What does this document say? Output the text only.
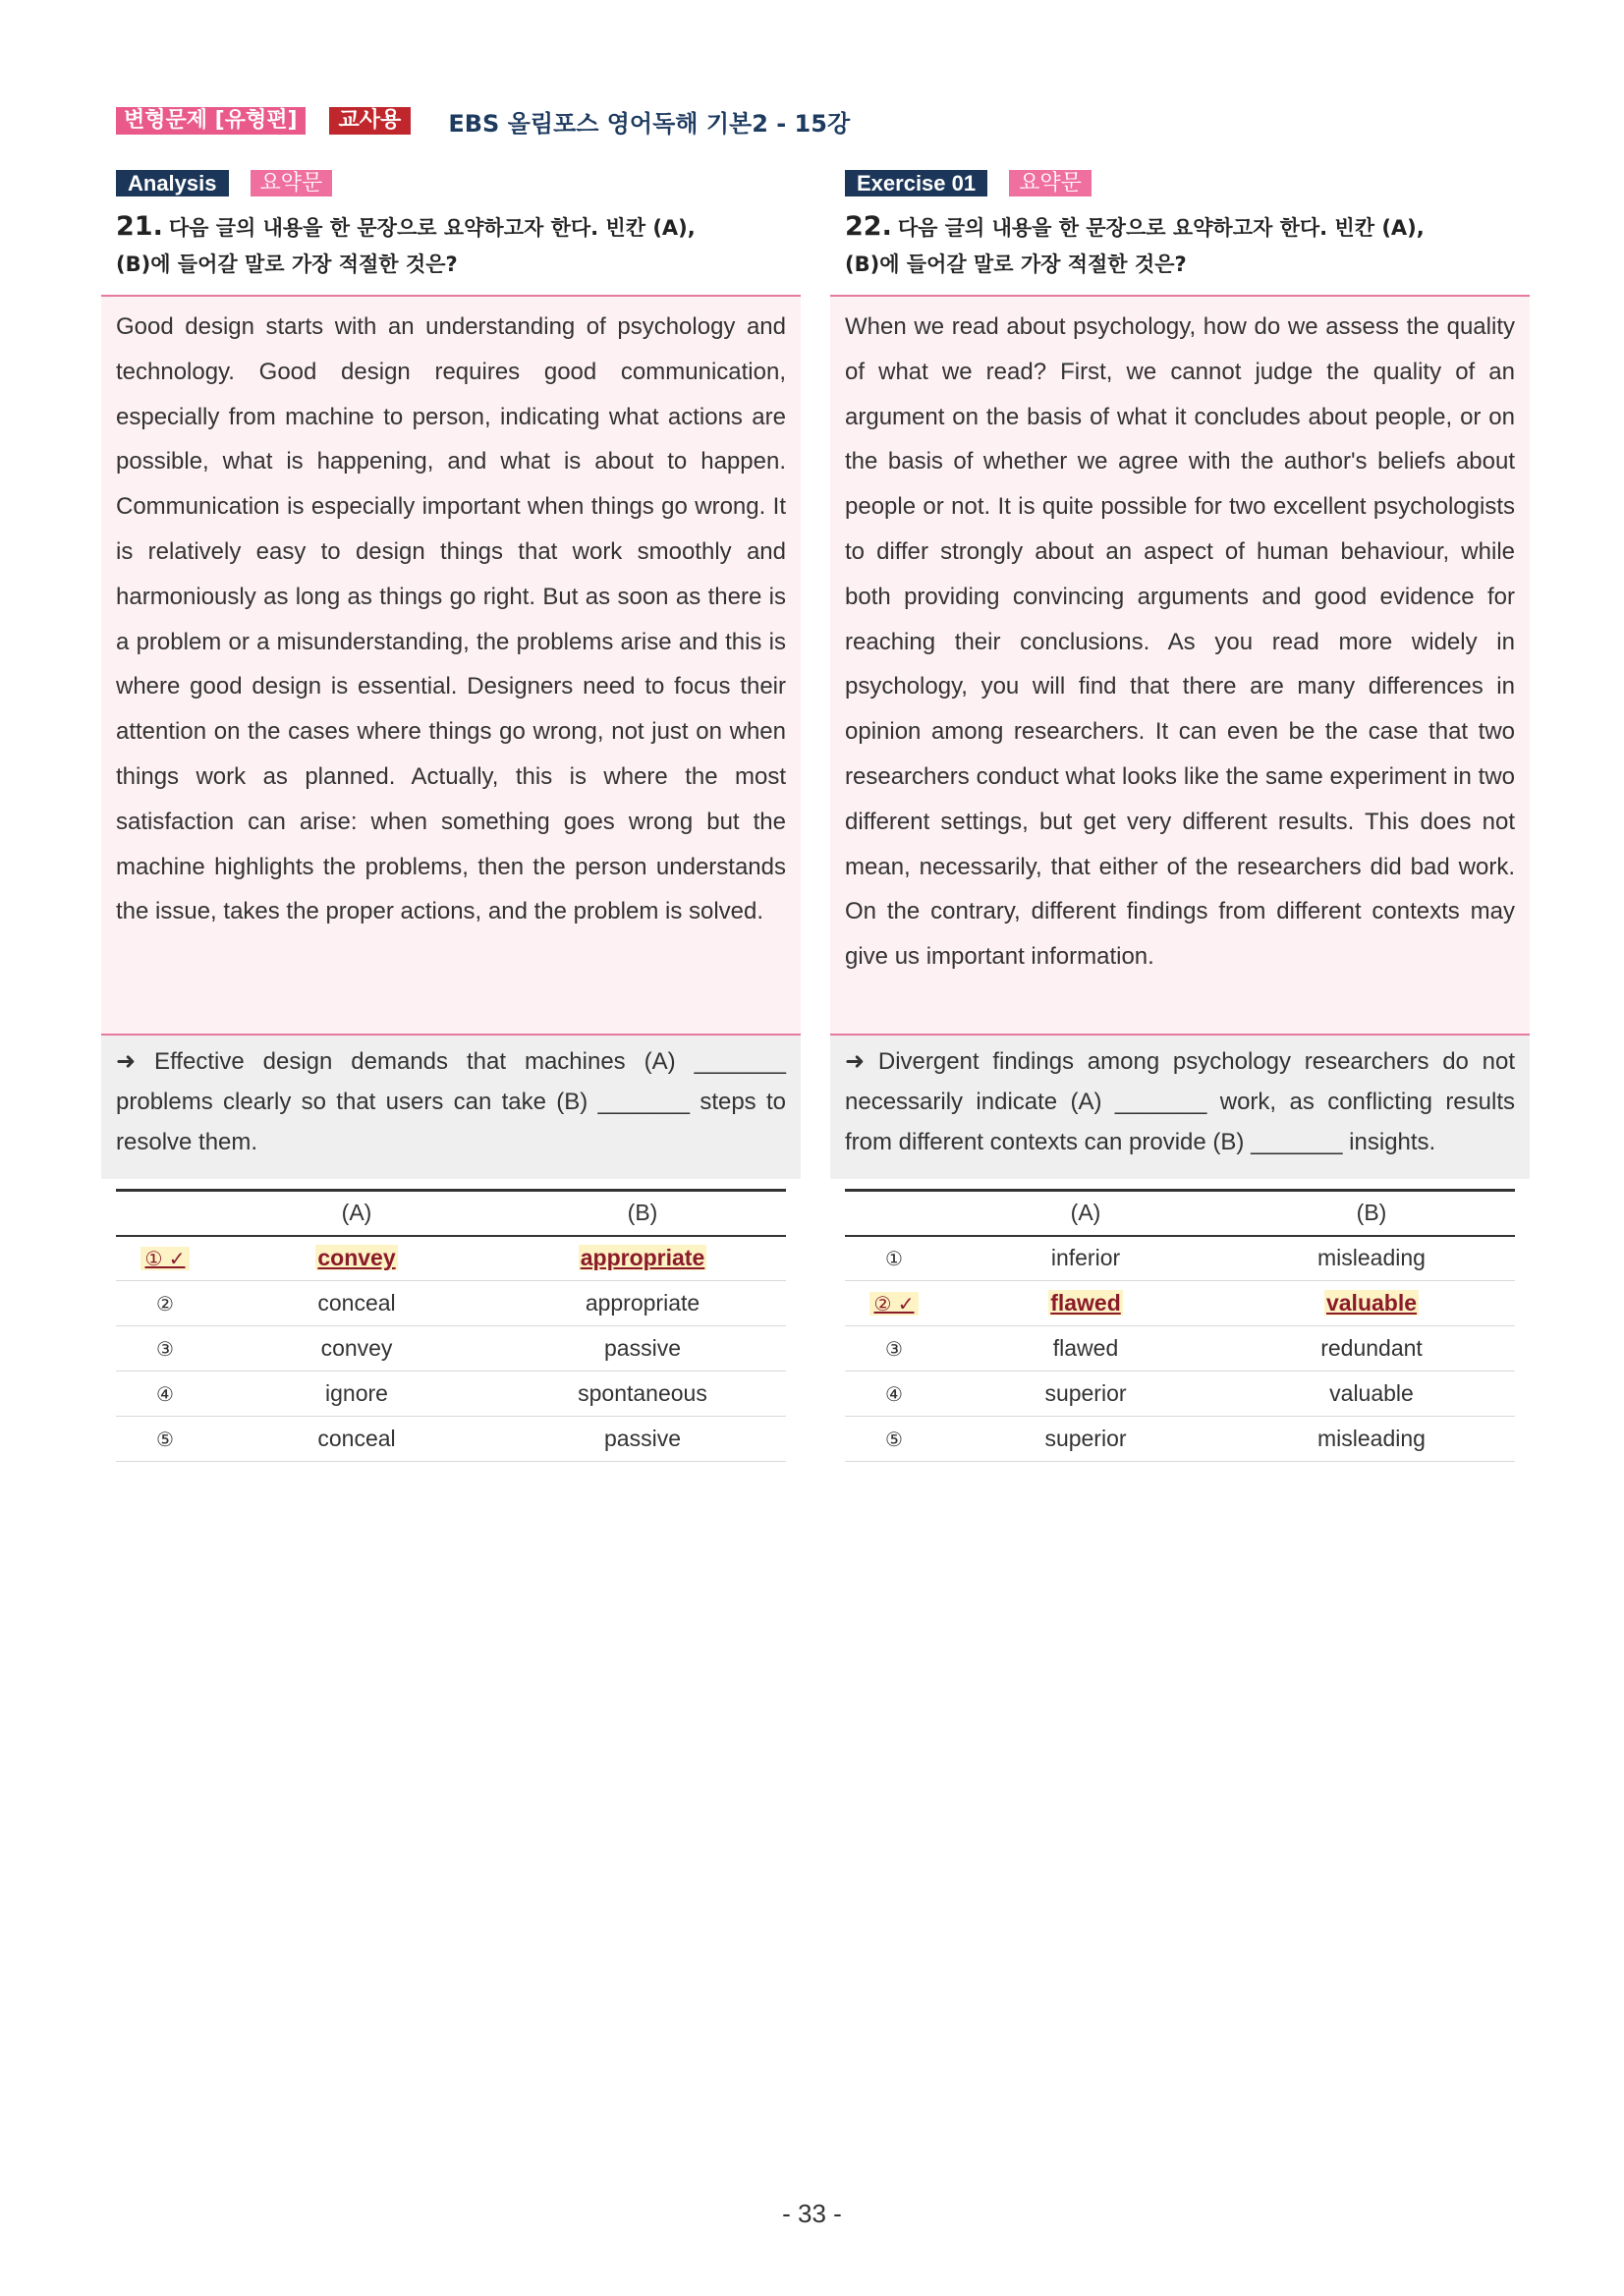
변형문제 [유형편]	교사용	EBS 올림포스 영어독해 기본2 - 15강
Analysis	요약문
21. 다음 글의 내용을 한 문장으로 요약하고자 한다. 빈칸 (A),
(B)에 들어갈 말로 가장 적절한 것은?
Good design starts with an understanding of psychology and technology. Good design requires good communication, especially from machine to person, indicating what actions are possible, what is happening, and what is about to happen. Communication is especially important when things go wrong. It is relatively easy to design things that work smoothly and harmoniously as long as things go right. But as soon as there is a problem or a misunderstanding, the problems arise and this is where good design is essential. Designers need to focus their attention on the cases where things go wrong, not just on when things work as planned. Actually, this is where the most satisfaction can arise: when something goes wrong but the machine highlights the problems, then the person understands the issue, takes the proper actions, and the problem is solved.
➜ Effective design demands that machines (A) _______ problems clearly so that users can take (B) _______ steps to resolve them.
	(A)	(B)
① ✓	convey	appropriate
②	conceal	appropriate
③	convey	passive
④	ignore	spontaneous
⑤	conceal	passive
Exercise 01	요약문
22. 다음 글의 내용을 한 문장으로 요약하고자 한다. 빈칸 (A),
(B)에 들어갈 말로 가장 적절한 것은?
When we read about psychology, how do we assess the quality of what we read? First, we cannot judge the quality of an argument on the basis of what it concludes about people, or on the basis of whether we agree with the author's beliefs about people or not. It is quite possible for two excellent psychologists to differ strongly about an aspect of human behaviour, while both providing convincing arguments and good evidence for reaching their conclusions. As you read more widely in psychology, you will find that there are many differences in opinion among researchers. It can even be the case that two researchers conduct what looks like the same experiment in two different settings, but get very different results. This does not mean, necessarily, that either of the researchers did bad work. On the contrary, different findings from different contexts may give us important information.
➜ Divergent findings among psychology researchers do not necessarily indicate (A) _______ work, as conflicting results from different contexts can provide (B) _______ insights.
	(A)	(B)
①	inferior	misleading
② ✓	flawed	valuable
③	flawed	redundant
④	superior	valuable
⑤	superior	misleading
- 33 -
